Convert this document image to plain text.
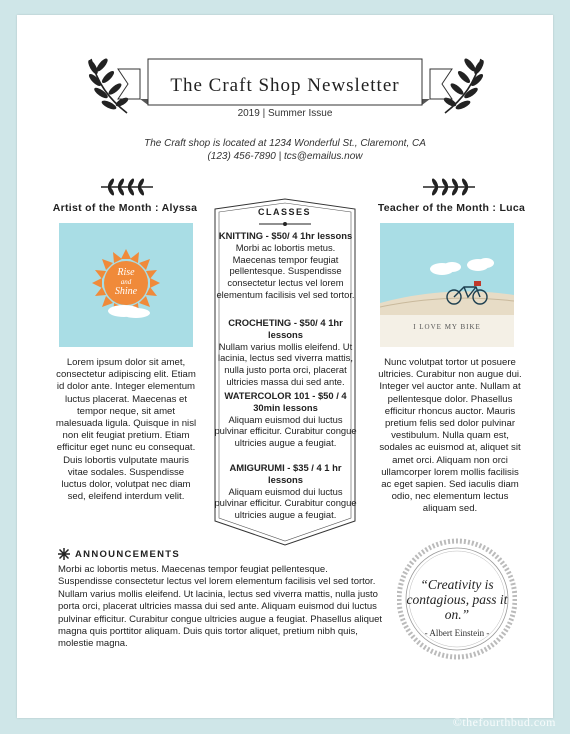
The Craft Shop Newsletter
2019 | Summer Issue
The Craft shop is located at 1234 Wonderful St., Claremont, CA
(123) 456-7890 | tcs@emailus.now
Artist of the Month : Alyssa
Rise
and
Shine
Lorem ipsum dolor sit amet, consectetur adipiscing elit. Etiam id dolor ante. Integer elementum luctus placerat. Maecenas et tempor neque, sit amet malesuada ligula. Quisque in nisl non elit feugiat pretium. Etiam efficitur eget nunc eu consequat. Duis lobortis vulputate mauris vitae sodales. Suspendisse luctus dolor, volutpat nec diam sed, eleifend interdum velit.
CLASSES
KNITTING - $50/ 4 1hr lessons
Morbi ac lobortis metus. Maecenas tempor feugiat pellentesque. Suspendisse consectetur lectus vel lorem elementum facilisis vel sed tortor.
CROCHETING - $50/ 4 1hr lessons
Nullam varius mollis eleifend. Ut lacinia, lectus sed viverra mattis, nulla justo porta orci, placerat ultricies massa dui sed ante.
WATERCOLOR 101 - $50 / 4 30min lessons
Aliquam euismod dui luctus pulvinar efficitur. Curabitur congue ultricies augue a feugiat.
AMIGURUMI - $35 / 4 1 hr lessons
Aliquam euismod dui luctus pulvinar efficitur. Curabitur congue ultricies augue a feugiat.
Teacher of the Month : Luca
I LOVE MY BIKE
Nunc volutpat tortor ut posuere ultricies. Curabitur non augue dui. Integer vel auctor ante. Nullam at pellentesque dolor. Phasellus efficitur rhoncus auctor. Mauris pretium felis sed dolor pulvinar vestibulum. Nulla quam est, sodales ac euismod at, aliquet sit amet orci. Aliquam non orci ullamcorper lorem mollis facilisis ac eget sapien. Sed iaculis diam odio, nec elementum lectus aliquam sed.
ANNOUNCEMENTS
Morbi ac lobortis metus. Maecenas tempor feugiat pellentesque. Suspendisse consectetur lectus vel lorem elementum facilisis vel sed tortor. Nullam varius mollis eleifend. Ut lacinia, lectus sed viverra mattis, nulla justo porta orci, placerat ultricies massa dui sed ante. Aliquam euismod dui luctus pulvinar efficitur. Curabitur congue ultricies augue a feugiat. Phasellus aliquet magna quis porttitor aliquam. Duis quis tortor aliquet, pretium nibh quis, molestie magna.
“Creativity is contagious, pass it on.”
- Albert Einstein -
©thefourthbud.com
